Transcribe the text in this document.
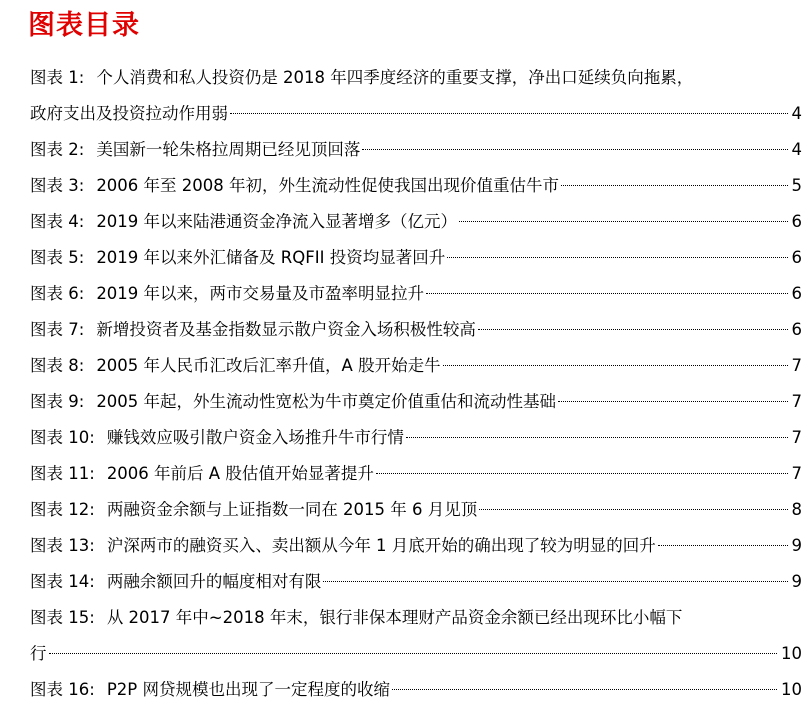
图表目录
图表 1: 个人消费和私人投资仍是 2018 年四季度经济的重要支撑，净出口延续负向拖累，
政府支出及投资拉动作用弱	4
图表 2: 美国新一轮朱格拉周期已经见顶回落	4
图表 3: 2006 年至 2008 年初，外生流动性促使我国出现价值重估牛市	5
图表 4: 2019 年以来陆港通资金净流入显著增多（亿元）	6
图表 5: 2019 年以来外汇储备及 RQFII 投资均显著回升	6
图表 6: 2019 年以来，两市交易量及市盈率明显拉升	6
图表 7: 新增投资者及基金指数显示散户资金入场积极性较高	6
图表 8: 2005 年人民币汇改后汇率升值，A 股开始走牛	7
图表 9: 2005 年起，外生流动性宽松为牛市奠定价值重估和流动性基础	7
图表 10: 赚钱效应吸引散户资金入场推升牛市行情	7
图表 11: 2006 年前后 A 股估值开始显著提升	7
图表 12: 两融资金余额与上证指数一同在 2015 年 6 月见顶	8
图表 13: 沪深两市的融资买入、卖出额从今年 1 月底开始的确出现了较为明显的回升	9
图表 14: 两融余额回升的幅度相对有限	9
图表 15: 从 2017 年中~2018 年末，银行非保本理财产品资金余额已经出现环比小幅下
行	10
图表 16: P2P 网贷规模也出现了一定程度的收缩	10
